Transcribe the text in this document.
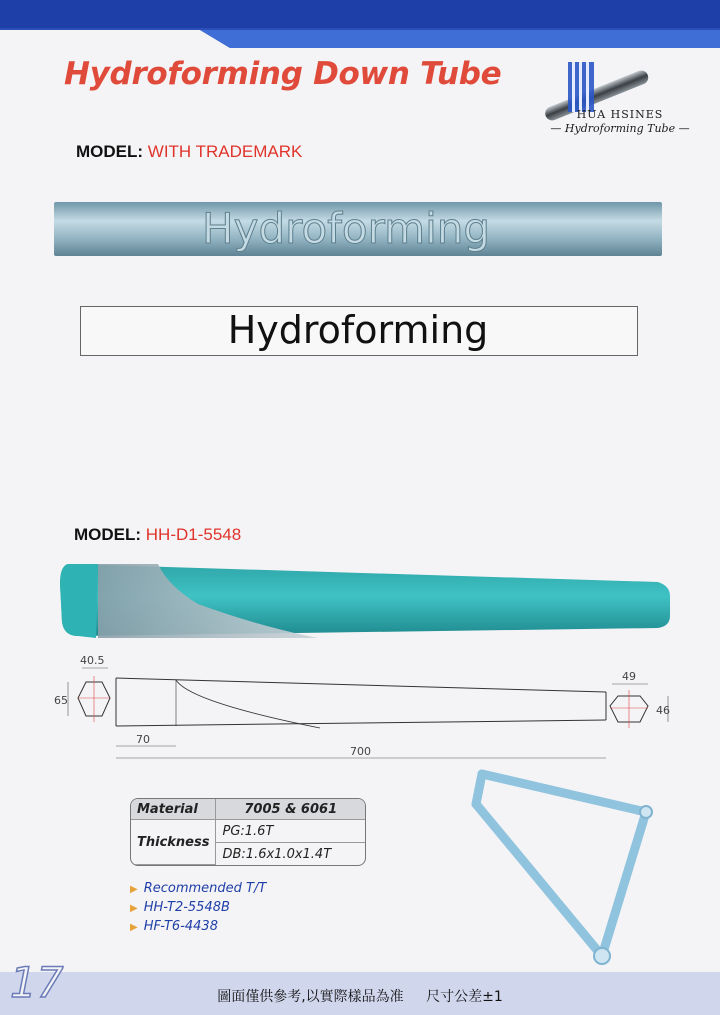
Hydroforming Down Tube
HUA HSINES
— Hydroforming Tube —
MODEL: WITH TRADEMARK
Hydroforming
Hydroforming
MODEL: HH-D1-5548
40.5
65
49
46
70
700
Material	7005 & 6061
Thickness	PG:1.6T
	DB:1.6x1.0x1.4T
▶ Recommended T/T
▶ HH-T2-5548B
▶ HF-T6-4438
17	圖面僅供參考,以實際樣品為准 尺寸公差±1
